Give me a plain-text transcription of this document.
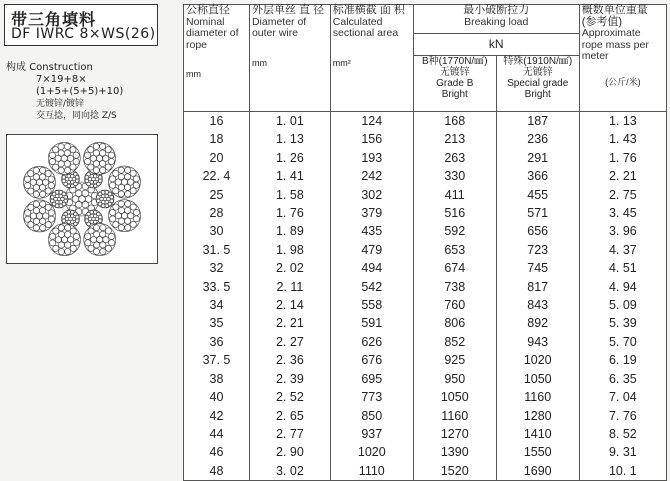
带三角填料
DF IWRC 8×WS(26)
构成 Construction
7×19+8×
(1+5+(5+5)+10)
无镀锌/镀锌
交互捻，同向捻 Z/S
公称直径
Nominal diameter of rope
mm	外层单丝 直 径
Diameter of outer wire
mm	标准横截 面 积
Calculated sectional area
mm²	最小破断拉力
Breaking load		概数单位重量 (参考值)
Approximate rope mass per meter
(公斤/米)

			kN		

			B种(1770N/㎟)
无镀锌
Grade B
Bright	特殊(1910N/㎟)
无镀锌
Special grade
Bright	

16	1. 01	124	168	187	1. 13
18	1. 13	156	213	236	1. 43
20	1. 26	193	263	291	1. 76
22. 4	1. 41	242	330	366	2. 21
25	1. 58	302	411	455	2. 75
28	1. 76	379	516	571	3. 45
30	1. 89	435	592	656	3. 96
31. 5	1. 98	479	653	723	4. 37
32	2. 02	494	674	745	4. 51
33. 5	2. 11	542	738	817	4. 94
34	2. 14	558	760	843	5. 09
35	2. 21	591	806	892	5. 39
36	2. 27	626	852	943	5. 70
37. 5	2. 36	676	925	1020	6. 19
38	2. 39	695	950	1050	6. 35
40	2. 52	773	1050	1160	7. 04
42	2. 65	850	1160	1280	7. 76
44	2. 77	937	1270	1410	8. 52
46	2. 90	1020	1390	1550	9. 31
48	3. 02	1110	1520	1690	10. 1
